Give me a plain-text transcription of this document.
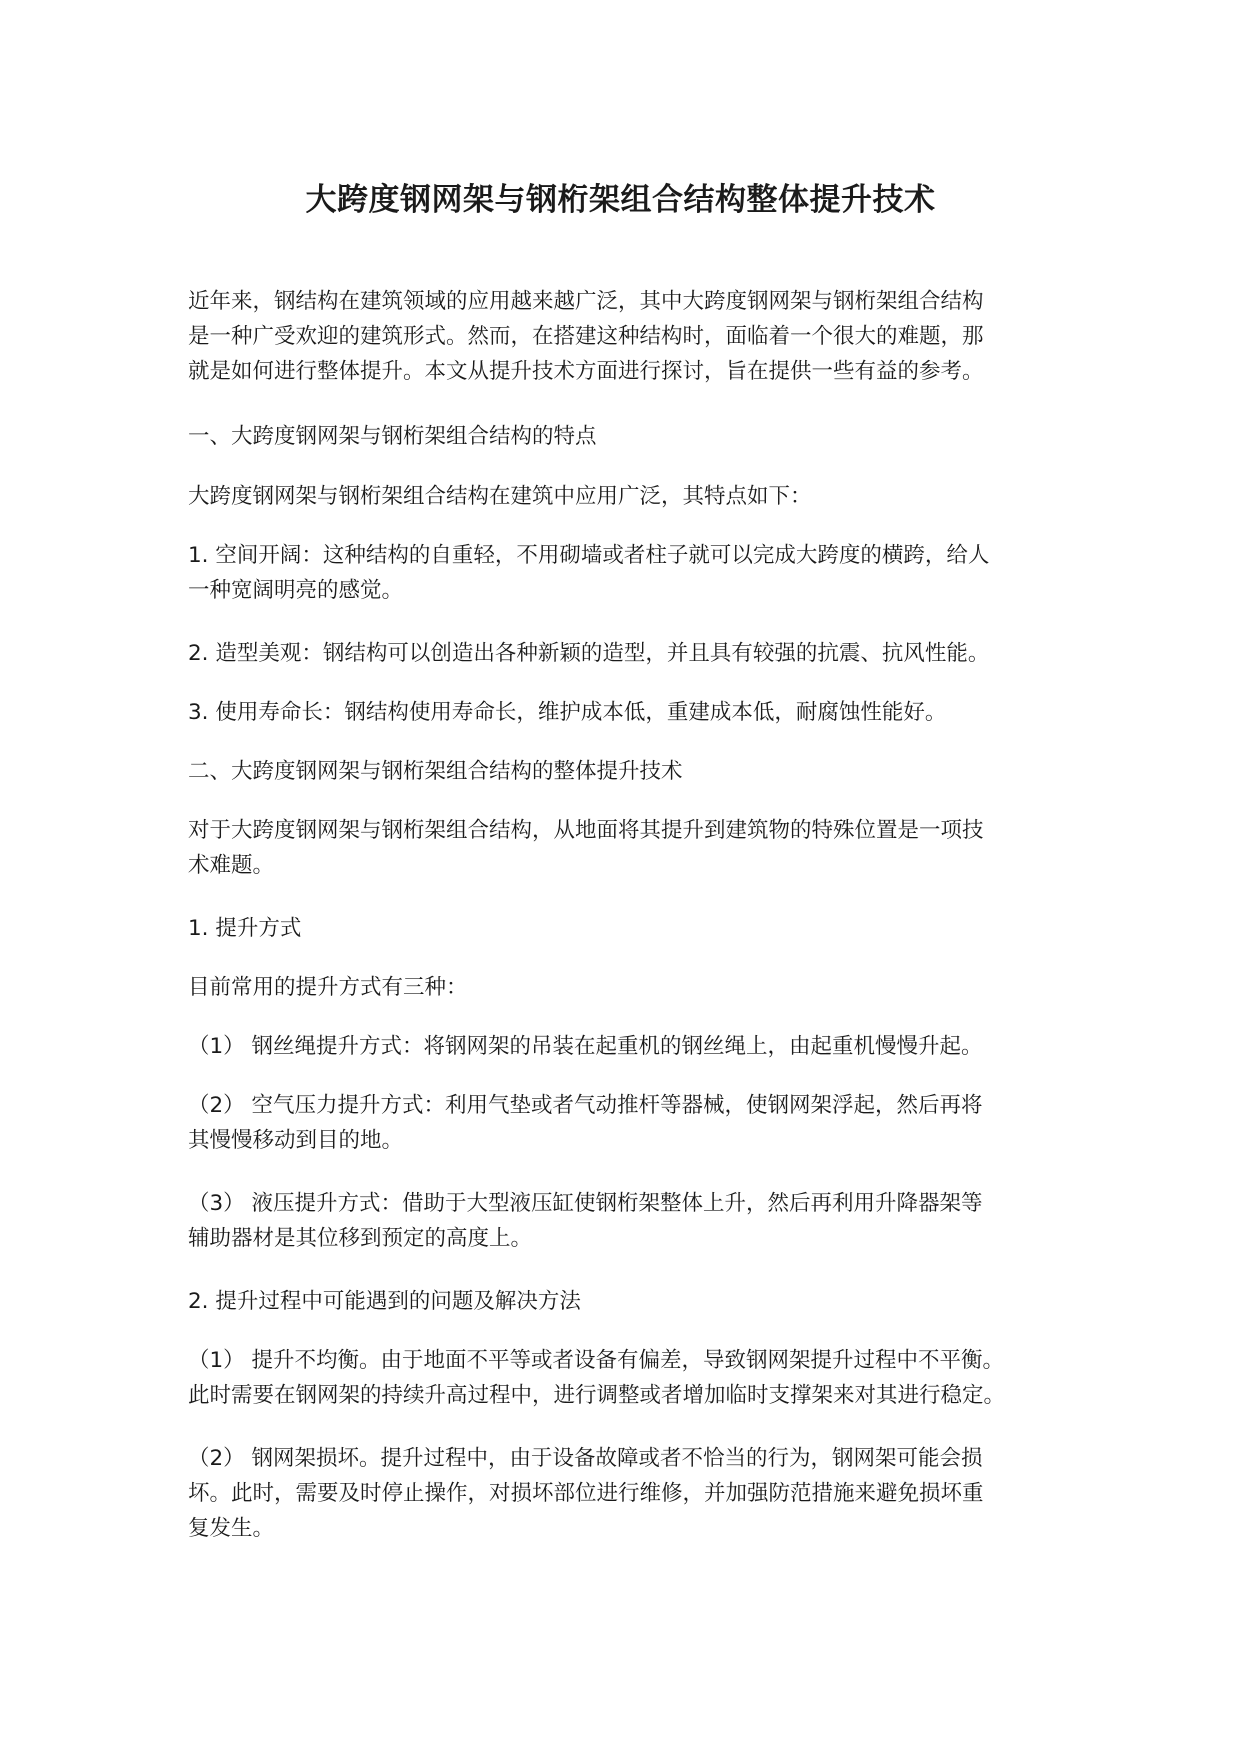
大跨度钢网架与钢桁架组合结构整体提升技术

近年来，钢结构在建筑领域的应用越来越广泛，其中大跨度钢网架与钢桁架组合结构
是一种广受欢迎的建筑形式。然而，在搭建这种结构时，面临着一个很大的难题，那
就是如何进行整体提升。本文从提升技术方面进行探讨，旨在提供一些有益的参考。

一、大跨度钢网架与钢桁架组合结构的特点

大跨度钢网架与钢桁架组合结构在建筑中应用广泛，其特点如下：

1. 空间开阔：这种结构的自重轻，不用砌墙或者柱子就可以完成大跨度的横跨，给人
一种宽阔明亮的感觉。

2. 造型美观：钢结构可以创造出各种新颖的造型，并且具有较强的抗震、抗风性能。

3. 使用寿命长：钢结构使用寿命长，维护成本低，重建成本低，耐腐蚀性能好。

二、大跨度钢网架与钢桁架组合结构的整体提升技术

对于大跨度钢网架与钢桁架组合结构，从地面将其提升到建筑物的特殊位置是一项技
术难题。

1. 提升方式

目前常用的提升方式有三种：

（1） 钢丝绳提升方式：将钢网架的吊装在起重机的钢丝绳上，由起重机慢慢升起。

（2） 空气压力提升方式：利用气垫或者气动推杆等器械，使钢网架浮起，然后再将
其慢慢移动到目的地。

（3） 液压提升方式：借助于大型液压缸使钢桁架整体上升，然后再利用升降器架等
辅助器材是其位移到预定的高度上。

2. 提升过程中可能遇到的问题及解决方法

（1） 提升不均衡。由于地面不平等或者设备有偏差，导致钢网架提升过程中不平衡。
此时需要在钢网架的持续升高过程中，进行调整或者增加临时支撑架来对其进行稳定。

（2） 钢网架损坏。提升过程中，由于设备故障或者不恰当的行为，钢网架可能会损
坏。此时，需要及时停止操作，对损坏部位进行维修，并加强防范措施来避免损坏重
复发生。
